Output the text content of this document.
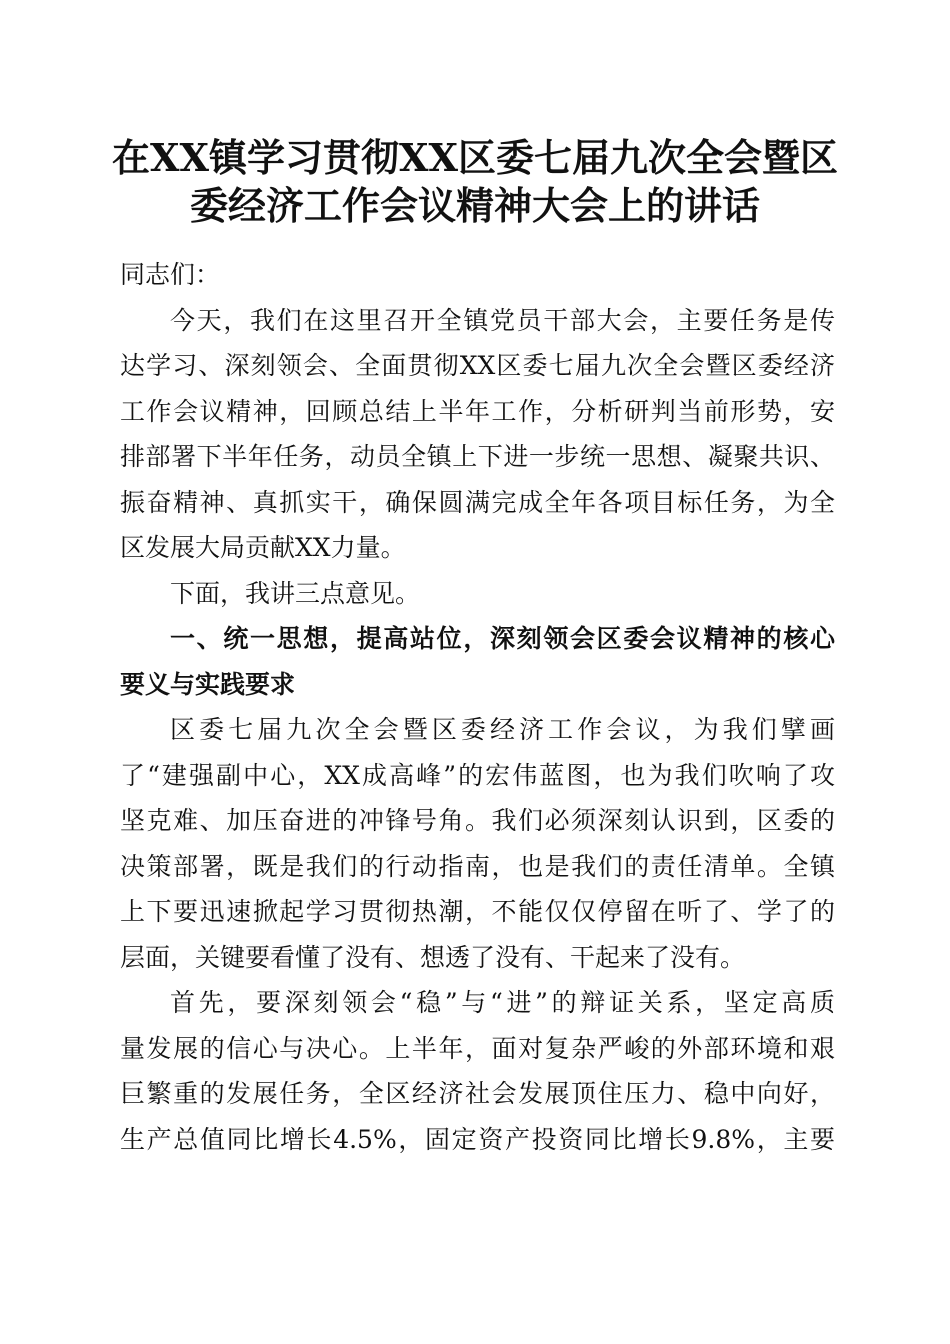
在XX镇学习贯彻XX区委七届九次全会暨区
委经济工作会议精神大会上的讲话
同志们：
今天，我们在这里召开全镇党员干部大会，主要任务是传
达学习、深刻领会、全面贯彻XX区委七届九次全会暨区委经济
工作会议精神，回顾总结上半年工作，分析研判当前形势，安
排部署下半年任务，动员全镇上下进一步统一思想、凝聚共识、
振奋精神、真抓实干，确保圆满完成全年各项目标任务，为全
区发展大局贡献XX力量。
下面，我讲三点意见。
一、统一思想，提高站位，深刻领会区委会议精神的核心
要义与实践要求
区委七届九次全会暨区委经济工作会议，为我们擘画
了“建强副中心，XX成高峰”的宏伟蓝图，也为我们吹响了攻
坚克难、加压奋进的冲锋号角。我们必须深刻认识到，区委的
决策部署，既是我们的行动指南，也是我们的责任清单。全镇
上下要迅速掀起学习贯彻热潮，不能仅仅停留在听了、学了的
层面，关键要看懂了没有、想透了没有、干起来了没有。
首先，要深刻领会“稳”与“进”的辩证关系，坚定高质
量发展的信心与决心。上半年，面对复杂严峻的外部环境和艰
巨繁重的发展任务，全区经济社会发展顶住压力、稳中向好，
生产总值同比增长4.5%，固定资产投资同比增长9.8%，主要
